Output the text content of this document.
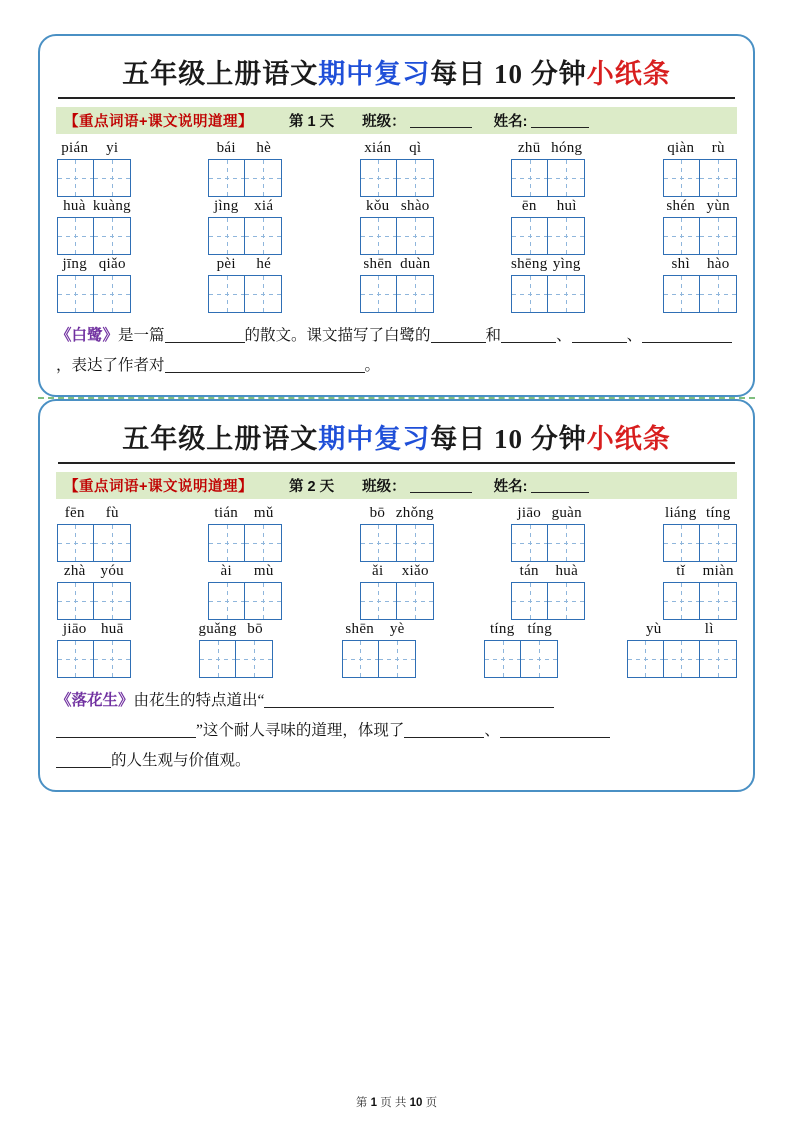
五年级上册语文 期中复习 每日 10 分钟 小纸条
【重点词语+课文说明道理】	第 1 天 班级：	姓名:
pián	yi	bái	hè	xián	qì	zhū hóng	qiàn	rù
huà kuàng	jìng	xiá	kǒu shào	ēn	huì	shén yùn
jīng qiǎo	pèi	hé	shēn duàn	shēng yìng	shì	hào
《白鹭》是一篇	的散文。课文描写了白鹭的	和	、	、，表达了作者对	。
五年级上册语文 期中复习 每日 10 分钟 小纸条
【重点词语+课文说明道理】	第 2 天 班级：	姓名:
fēn	fù	tián	mǔ	bō zhǒng	jiāo guàn	liáng tíng
zhà yóu	ài	mù	ǎi	xiǎo	tán	huà	tǐ	miàn
jiāo huā	guǎng bō	shēn	yè	tíng tíng	yù	lì
《落花生》由花生的特点道出“
”这个耐人寻味的道理，体现了	、
的人生观与价值观。
第 1 页 共 10 页
